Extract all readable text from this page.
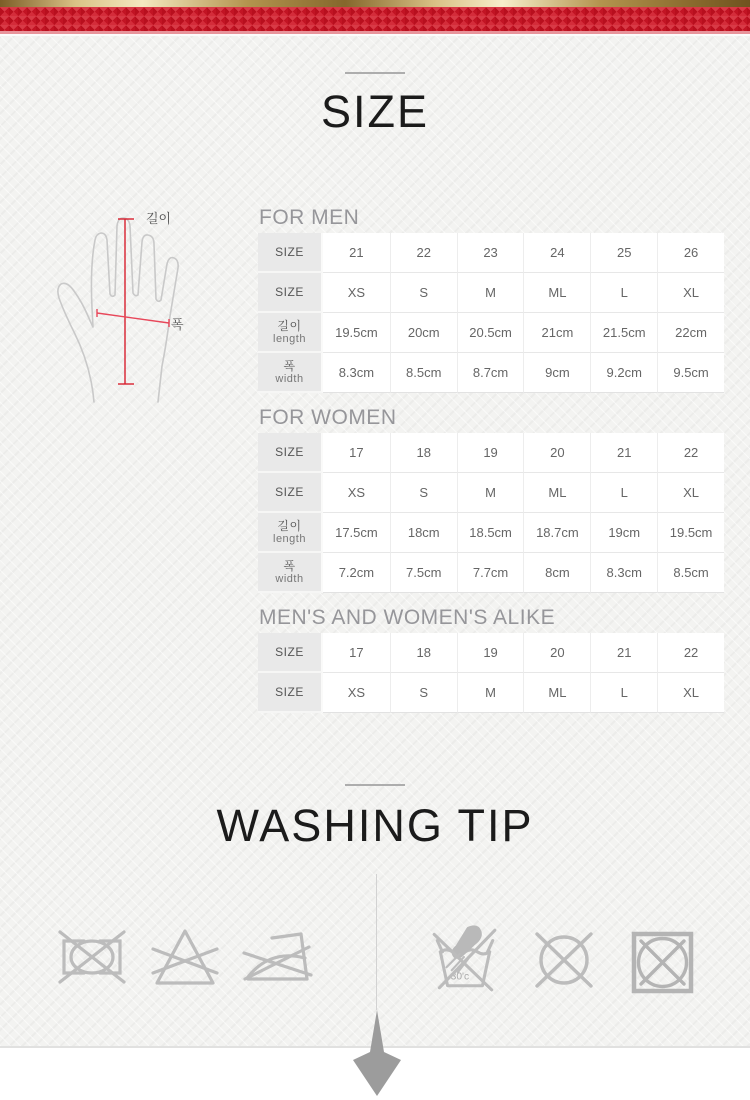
SIZE
길이
폭
FOR MEN
SIZE	21	22	23	24	25	26

SIZE	XS	S	M	ML	L	XL

길이
length	19.5cm	20cm	20.5cm	21cm	21.5cm	22cm

폭
width	8.3cm	8.5cm	8.7cm	9cm	9.2cm	9.5cm
FOR WOMEN
SIZE	17	18	19	20	21	22

SIZE	XS	S	M	ML	L	XL

길이
length	17.5cm	18cm	18.5cm	18.7cm	19cm	19.5cm

폭
width	7.2cm	7.5cm	7.7cm	8cm	8.3cm	8.5cm
MEN'S AND WOMEN'S ALIKE
SIZE	17	18	19	20	21	22

SIZE	XS	S	M	ML	L	XL
WASHING TIP
30'c
